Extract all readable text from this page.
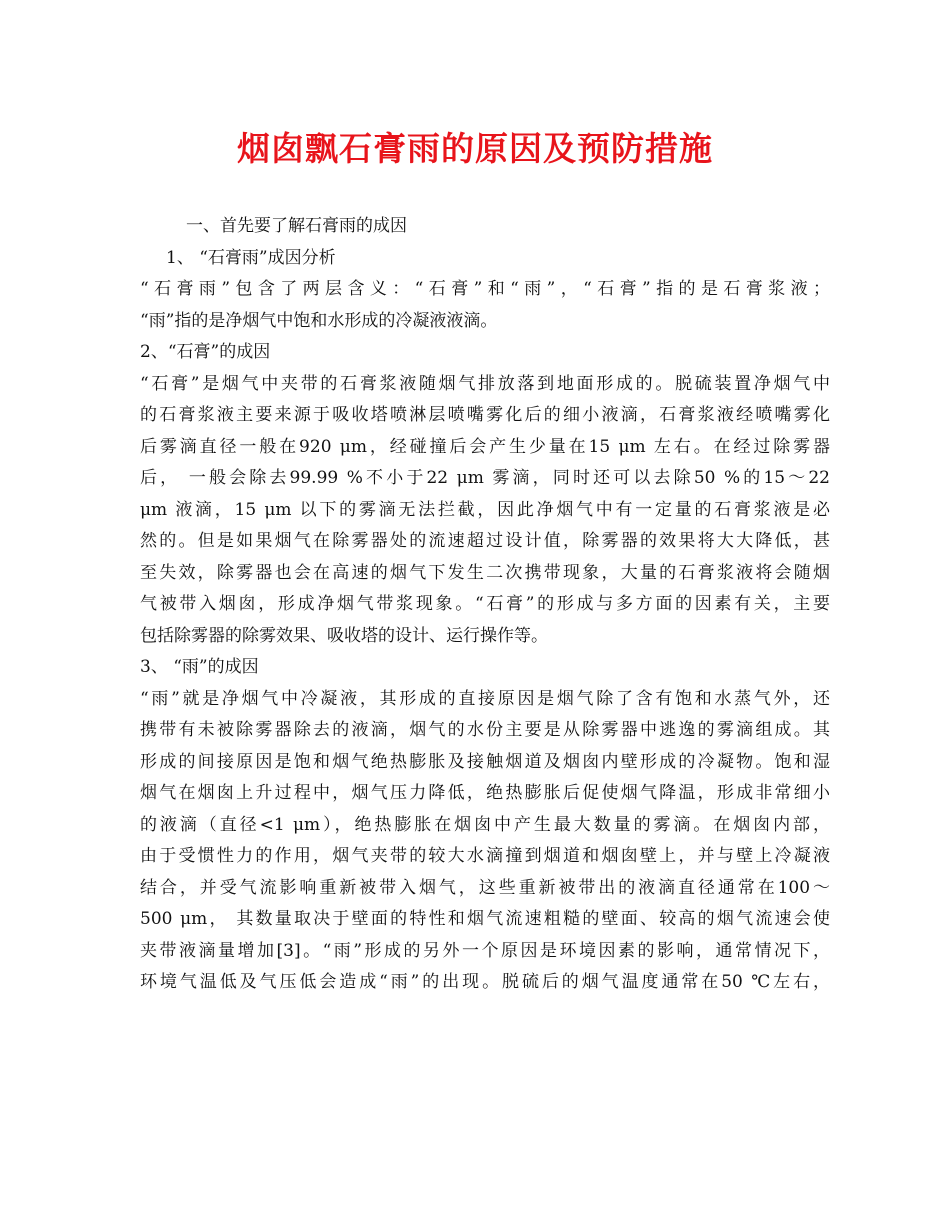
烟囱飘石膏雨的原因及预防措施
一、首先要了解石膏雨的成因
1、 “石膏雨”成因分析
“石膏雨”包含了两层含义：“石膏”和“雨”，“石膏”指的是石膏浆液；
“雨”指的是净烟气中饱和水形成的冷凝液液滴。
2、“石膏”的成因
“石膏”是烟气中夹带的石膏浆液随烟气排放落到地面形成的。脱硫装置净烟气中
的石膏浆液主要来源于吸收塔喷淋层喷嘴雾化后的细小液滴，石膏浆液经喷嘴雾化
后雾滴直径一般在920 μm，经碰撞后会产生少量在15 μm 左右。在经过除雾器
后， 一般会除去99.99 %不小于22 μm 雾滴，同时还可以去除50 %的15～22
μm 液滴，15 μm 以下的雾滴无法拦截，因此净烟气中有一定量的石膏浆液是必
然的。但是如果烟气在除雾器处的流速超过设计值，除雾器的效果将大大降低，甚
至失效，除雾器也会在高速的烟气下发生二次携带现象，大量的石膏浆液将会随烟
气被带入烟囱，形成净烟气带浆现象。“石膏”的形成与多方面的因素有关，主要
包括除雾器的除雾效果、吸收塔的设计、运行操作等。
3、 “雨”的成因
“雨”就是净烟气中冷凝液，其形成的直接原因是烟气除了含有饱和水蒸气外，还
携带有未被除雾器除去的液滴，烟气的水份主要是从除雾器中逃逸的雾滴组成。其
形成的间接原因是饱和烟气绝热膨胀及接触烟道及烟囱内壁形成的冷凝物。饱和湿
烟气在烟囱上升过程中，烟气压力降低，绝热膨胀后促使烟气降温，形成非常细小
的液滴（直径<1 μm），绝热膨胀在烟囱中产生最大数量的雾滴。在烟囱内部，
由于受惯性力的作用，烟气夹带的较大水滴撞到烟道和烟囱壁上，并与壁上冷凝液
结合，并受气流影响重新被带入烟气，这些重新被带出的液滴直径通常在100～
500 μm， 其数量取决于壁面的特性和烟气流速粗糙的壁面、较高的烟气流速会使
夹带液滴量增加[3]。“雨”形成的另外一个原因是环境因素的影响，通常情况下，
环境气温低及气压低会造成“雨”的出现。脱硫后的烟气温度通常在50 ℃左右，
